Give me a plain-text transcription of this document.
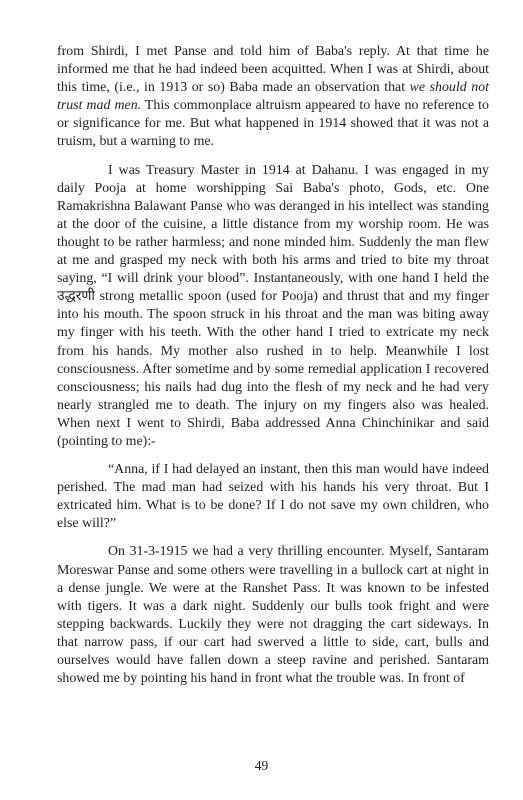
from Shirdi, I met Panse and told him of Baba's reply. At that time he informed me that he had indeed been acquitted. When I was at Shirdi, about this time, (i.e., in 1913 or so) Baba made an observation that we should not trust mad men. This commonplace altruism appeared to have no reference to or significance for me. But what happened in 1914 showed that it was not a truism, but a warning to me.

I was Treasury Master in 1914 at Dahanu. I was engaged in my daily Pooja at home worshipping Sai Baba's photo, Gods, etc. One Ramakrishna Balawant Panse who was deranged in his intellect was standing at the door of the cuisine, a little distance from my worship room. He was thought to be rather harmless; and none minded him. Suddenly the man flew at me and grasped my neck with both his arms and tried to bite my throat saying, “I will drink your blood”. Instantaneously, with one hand I held the उद्धरणी strong metallic spoon (used for Pooja) and thrust that and my finger into his mouth. The spoon struck in his throat and the man was biting away my finger with his teeth. With the other hand I tried to extricate my neck from his hands. My mother also rushed in to help. Meanwhile I lost consciousness. After sometime and by some remedial application I recovered consciousness; his nails had dug into the flesh of my neck and he had very nearly strangled me to death. The injury on my fingers also was healed. When next I went to Shirdi, Baba addressed Anna Chinchinikar and said (pointing to me):-

“Anna, if I had delayed an instant, then this man would have indeed perished. The mad man had seized with his hands his very throat. But I extricated him. What is to be done? If I do not save my own children, who else will?”

On 31-3-1915 we had a very thrilling encounter. Myself, Santaram Moreswar Panse and some others were travelling in a bullock cart at night in a dense jungle. We were at the Ranshet Pass. It was known to be infested with tigers. It was a dark night. Suddenly our bulls took fright and were stepping backwards. Luckily they were not dragging the cart sideways. In that narrow pass, if our cart had swerved a little to side, cart, bulls and ourselves would have fallen down a steep ravine and perished. Santaram showed me by pointing his hand in front what the trouble was. In front of

49
